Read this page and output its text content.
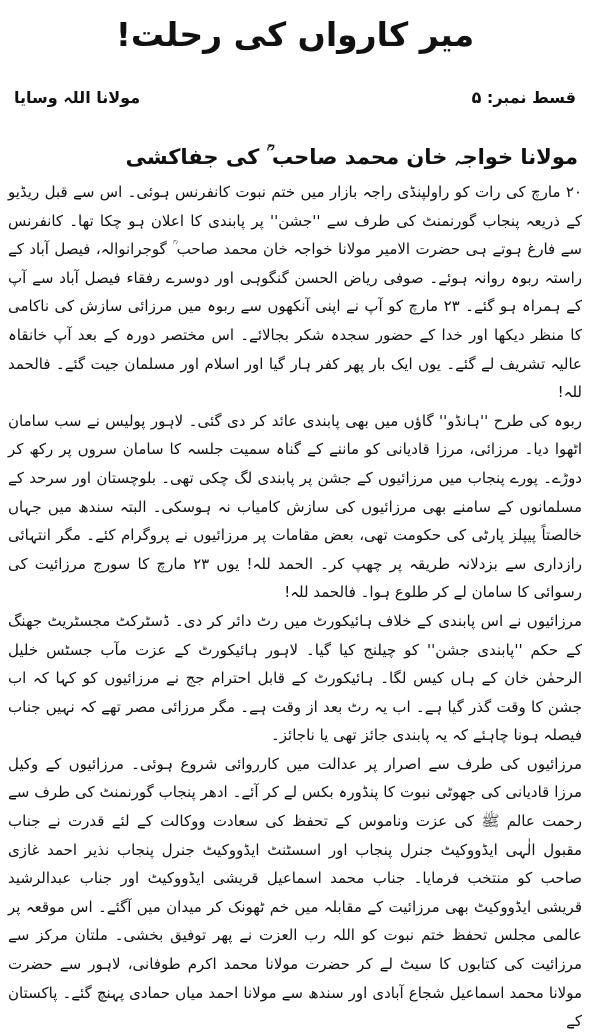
میر کارواں کی رحلت!
قسط نمبر: ۵
مولانا اللہ وسایا
مولانا خواجہ خان محمد صاحب ؒ کی جفاکشی

۲۰ مارچ کی رات کو راولپنڈی راجہ بازار میں ختم نبوت کانفرنس ہوئی۔ اس سے قبل ریڈیو کے ذریعہ پنجاب گورنمنٹ کی طرف سے ''جشن'' پر پابندی کا اعلان ہو چکا تھا۔ کانفرنس سے فارغ ہوتے ہی حضرت الامیر مولانا خواجہ خان محمد صاحب ؒ گوجرانوالہ، فیصل آباد کے راستہ ربوہ روانہ ہوئے۔ صوفی ریاض الحسن گنگوہی اور دوسرے رفقاء فیصل آباد سے آپ کے ہمراہ ہو گئے۔ ۲۳ مارچ کو آپ نے اپنی آنکھوں سے ربوہ میں مرزائی سازش کی ناکامی کا منظر دیکھا اور خدا کے حضور سجدہ شکر بجالائے۔ اس مختصر دورہ کے بعد آپ خانقاہ عالیہ تشریف لے گئے۔ یوں ایک بار پھر کفر ہار گیا اور اسلام اور مسلمان جیت گئے۔ فالحمد للہ!

ربوہ کی طرح ''ہانڈو'' گاؤں میں بھی پابندی عائد کر دی گئی۔ لاہور پولیس نے سب سامان اٹھوا دیا۔ مرزائی، مرزا قادیانی کو ماننے کے گناہ سمیت جلسہ کا سامان سروں پر رکھ کر دوڑے۔ پورے پنجاب میں مرزائیوں کے جشن پر پابندی لگ چکی تھی۔ بلوچستان اور سرحد کے مسلمانوں کے سامنے بھی مرزائیوں کی سازش کامیاب نہ ہوسکی۔ البتہ سندھ میں جہاں خالصتاً پیپلز پارٹی کی حکومت تھی، بعض مقامات پر مرزائیوں نے پروگرام کئے۔ مگر انتہائی رازداری سے بزدلانہ طریقہ پر چھپ کر۔ الحمد للہ! یوں ۲۳ مارچ کا سورج مرزائیت کی رسوائی کا سامان لے کر طلوع ہوا۔ فالحمد للہ!

مرزائیوں نے اس پابندی کے خلاف ہائیکورٹ میں رٹ دائر کر دی۔ ڈسٹرکٹ مجسٹریٹ جھنگ کے حکم ''پابندی جشن'' کو چیلنج کیا گیا۔ لاہور ہائیکورٹ کے عزت مآب جسٹس خلیل الرحمٰن خان کے ہاں کیس لگا۔ ہائیکورٹ کے قابل احترام جج نے مرزائیوں کو کہا کہ اب جشن کا وقت گذر گیا ہے۔ اب یہ رٹ بعد از وقت ہے۔ مگر مرزائی مصر تھے کہ نہیں جناب فیصلہ ہونا چاہئے کہ یہ پابندی جائز تھی یا ناجائز۔

مرزائیوں کی طرف سے اصرار پر عدالت میں کارروائی شروع ہوئی۔ مرزائیوں کے وکیل مرزا قادیانی کی جھوٹی نبوت کا پنڈورہ بکس لے کر آئے۔ ادھر پنجاب گورنمنٹ کی طرف سے رحمت عالم ﷺ کی عزت وناموس کے تحفظ کی سعادت ووکالت کے لئے قدرت نے جناب مقبول الٰہی ایڈووکیٹ جنرل پنجاب اور اسسٹنٹ ایڈووکیٹ جنرل پنجاب نذیر احمد غازی صاحب کو منتخب فرمایا۔ جناب محمد اسماعیل قریشی ایڈووکیٹ اور جناب عبدالرشید قریشی ایڈووکیٹ بھی مرزائیت کے مقابلہ میں خم ٹھونک کر میدان میں آگئے۔ اس موقعہ پر عالمی مجلس تحفظ ختم نبوت کو اللہ رب العزت نے پھر توفیق بخشی۔ ملتان مرکز سے مرزائیت کی کتابوں کا سیٹ لے کر حضرت مولانا محمد اکرم طوفانی، لاہور سے حضرت مولانا محمد اسماعیل شجاع آبادی اور سندھ سے مولانا احمد میاں حمادی پہنچ گئے۔ پاکستان کے
